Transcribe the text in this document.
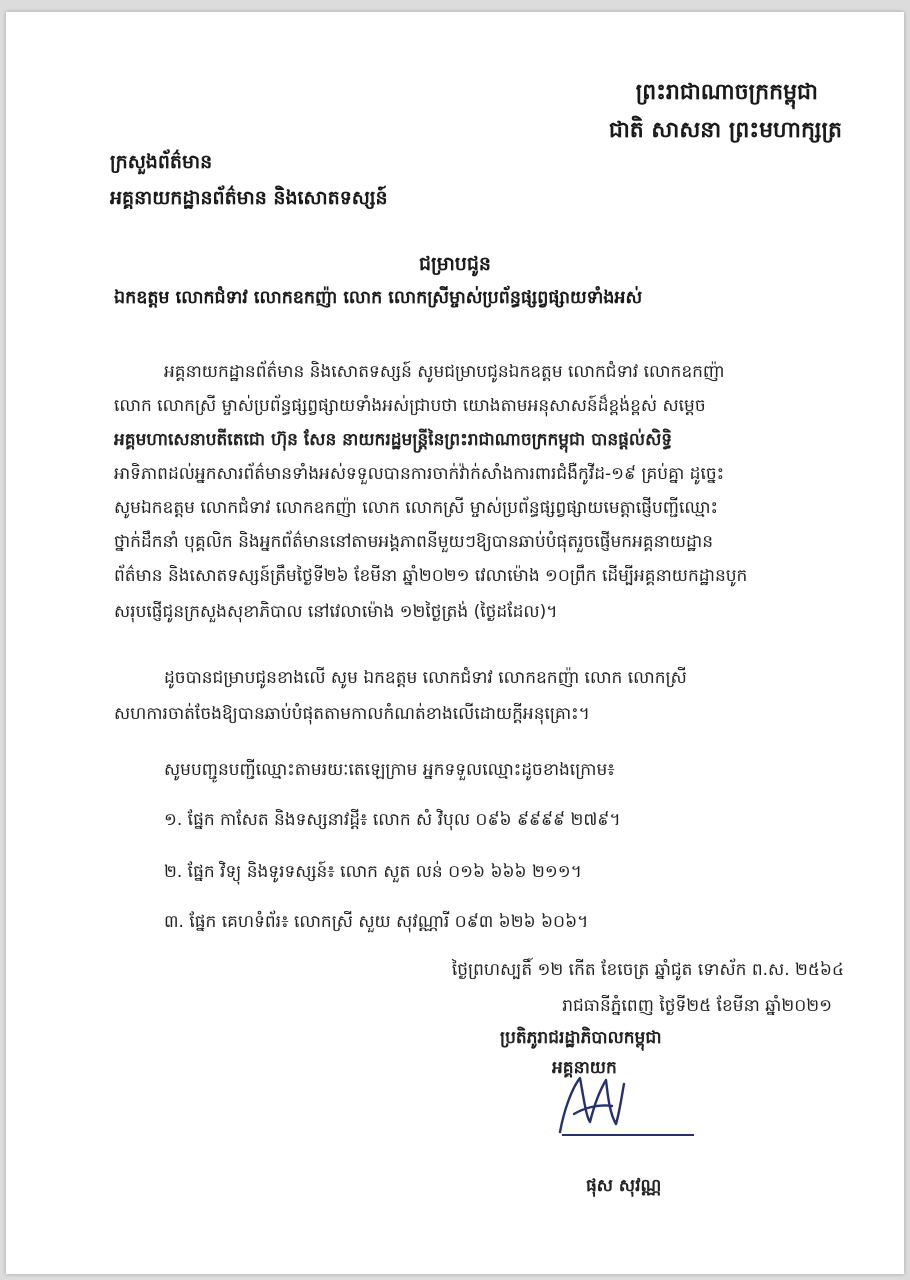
ព្រះរាជាណាចក្រកម្ពុជា
ជាតិ សាសនា ព្រះមហាក្សត្រ
ក្រសួងព័ត៌មាន
អគ្គនាយកដ្ឋានព័ត៌មាន និងសោតទស្សន៍
ជម្រាបជូន
ឯកឧត្តម លោកជំទាវ លោកឧកញ៉ា លោក លោកស្រីម្ចាស់ប្រព័ន្ធផ្សព្វផ្សាយទាំងអស់
អគ្គនាយកដ្ឋានព័ត៌មាន និងសោតទស្សន៍ សូមជម្រាបជូនឯកឧត្តម លោកជំទាវ លោកឧកញ៉ា
លោក លោកស្រី ម្ចាស់ប្រព័ន្ធផ្សព្វផ្សាយទាំងអស់ជ្រាបថា យោងតាមអនុសាសន៍ដ៏ខ្ពង់ខ្ពស់ សម្ដេច
អគ្គមហាសេនាបតីតេជោ ហ៊ុន សែន នាយករដ្ឋមន្ត្រីនៃព្រះរាជាណាចក្រកម្ពុជា បានផ្ដល់សិទ្ធិ
អាទិភាពដល់អ្នកសារព័ត៌មានទាំងអស់ទទួលបានការចាក់វ៉ាក់សាំងការពារជំងឺកូវីដ-១៩ គ្រប់គ្នា ដូច្នេះ
សូមឯកឧត្តម លោកជំទាវ លោកឧកញ៉ា លោក លោកស្រី ម្ចាស់ប្រព័ន្ធផ្សព្វផ្សាយមេត្តាផ្ញើបញ្ជីឈ្មោះ
ថ្នាក់ដឹកនាំ បុគ្គលិក និងអ្នកព័ត៌មាននៅតាមអង្គភាពនីមួយៗឱ្យបានឆាប់បំផុតរួចផ្ញើមកអគ្គនាយដ្ឋាន
ព័ត៌មាន និងសោតទស្សន៍ត្រឹមថ្ងៃទី២៦ ខែមីនា ឆ្នាំ២០២១ វេលាម៉ោង ១០ព្រឹក ដើម្បីអគ្គនាយកដ្ឋានបូក
សរុបផ្ញើជូនក្រសួងសុខាភិបាល នៅវេលាម៉ោង ១២ថ្ងៃត្រង់ (ថ្ងៃដដែល)។
ដូចបានជម្រាបជូនខាងលើ សូម ឯកឧត្តម លោកជំទាវ លោកឧកញ៉ា លោក លោកស្រី
សហការចាត់ចែងឱ្យបានឆាប់បំផុតតាមកាលកំណត់ខាងលើដោយក្ដីអនុគ្រោះ។
សូមបញ្ជូនបញ្ជីឈ្មោះតាមរយៈតេឡេក្រាម អ្នកទទួលឈ្មោះដូចខាងក្រោម៖
១. ផ្នែក កាសែត និងទស្សនាវដ្ដី៖ លោក សំ វិបុល ០៩៦ ៩៩៩៩ ២៧៩។
២. ផ្នែក វិទ្យុ និងទូរទស្សន៍៖ លោក សួត លន់ ០១៦ ៦៦៦ ២១១។
៣. ផ្នែក គេហទំព័រ៖ លោកស្រី សួយ សុវណ្ណារី ០៩៣ ៦២៦ ៦០៦។
ថ្ងៃព្រហស្បតិ៍ ១២ កើត ខែចេត្រ ឆ្នាំជូត ទោស័ក ព.ស. ២៥៦៤
រាជធានីភ្នំពេញ ថ្ងៃទី២៥ ខែមីនា ឆ្នាំ២០២១
ប្រតិភូរាជរដ្ឋាភិបាលកម្ពុជា
អគ្គនាយក
ផុស សុវណ្ណ
